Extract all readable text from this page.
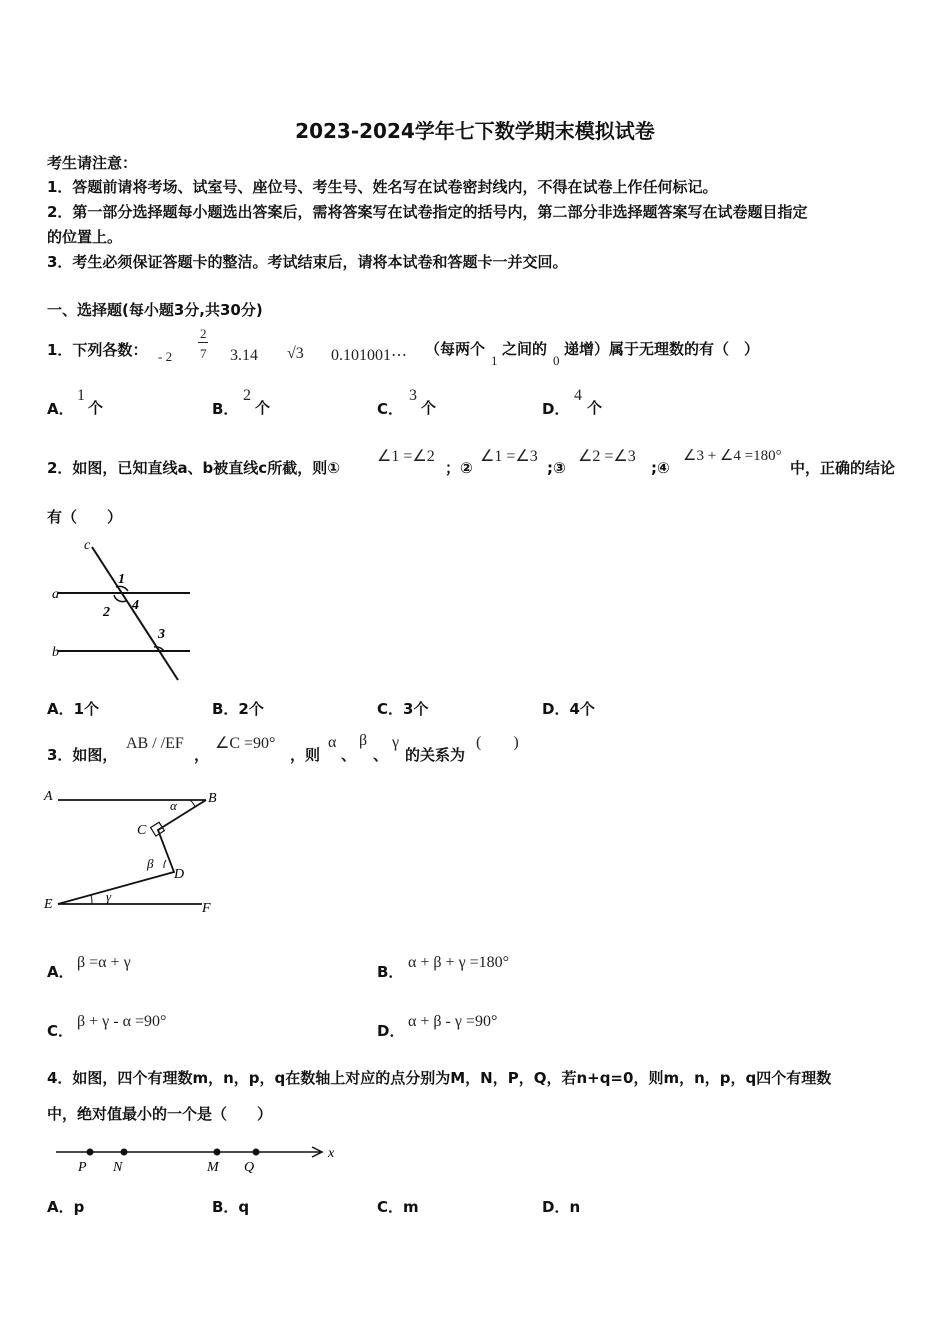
2023-2024学年七下数学期末模拟试卷
考生请注意：
1．答题前请将考场、试室号、座位号、考生号、姓名写在试卷密封线内，不得在试卷上作任何标记。
2．第一部分选择题每小题选出答案后，需将答案写在试卷指定的括号内，第二部分非选择题答案写在试卷题目指定
的位置上。
3．考生必须保证答题卡的整洁。考试结束后，请将本试卷和答题卡一并交回。
一、选择题(每小题3分,共30分)
1．下列各数： - 2
2
7 3.14 √3 0.101001⋯ （每两个
1
之间的
0
递增）属于无理数的有（　）
A．
1
个	B．
2
个	C．
3
个	D．
4
个
2．如图，已知直线a、b被直线c所截，则①
∠1 =∠2
；②
∠1 =∠3
;③
∠2 =∠3
;④
∠3 + ∠4 =180°
中，正确的结论
有（　　）
c
a
b
1
2 4
3
A．1个	B．2个	C．3个	D．4个
3．如图，
AB / /EF
，
∠C =90°
，则
α
、
β
、
γ
的关系为
(　　)
A	B
C
D
E	F
α
β
γ
A．
β =α + γ
B．
α + β + γ =180°
C．
β + γ - α =90°
D．
α + β - γ =90°
4．如图，四个有理数m，n，p，q在数轴上对应的点分别为M，N，P，Q，若n+q=0，则m，n，p，q四个有理数
中，绝对值最小的一个是（　　）
P N	M Q
x
A．p	B．q	C．m	D．n
